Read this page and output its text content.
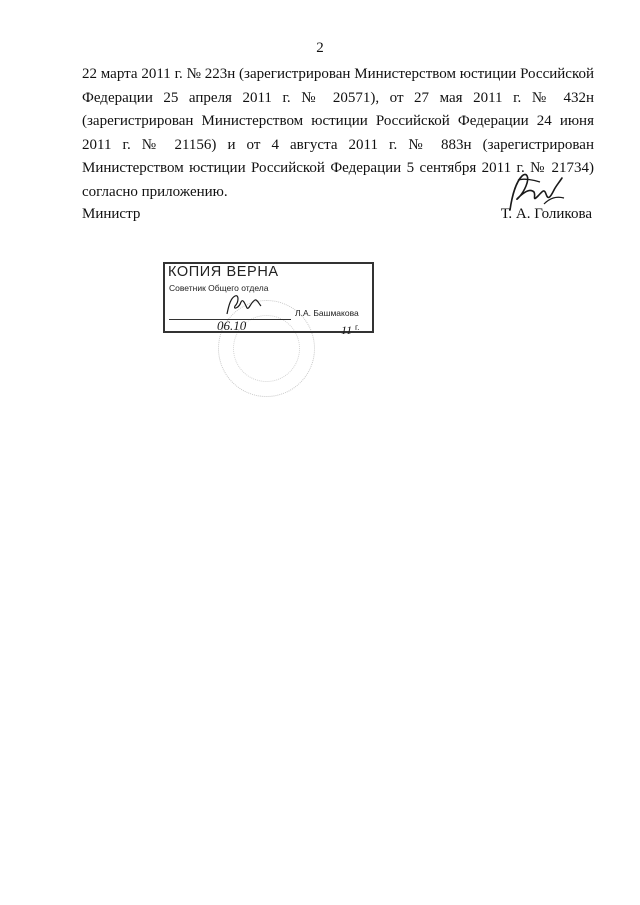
2

22 марта 2011 г. № 223н (зарегистрирован Министерством юстиции Российской Федерации 25 апреля 2011 г. № 20571), от 27 мая 2011 г. № 432н (зарегистрирован Министерством юстиции Российской Федерации 24 июня 2011 г. № 21156) и от 4 августа 2011 г. № 883н (зарегистрирован Министерством юстиции Российской Федерации 5 сентября 2011 г. № 21734) согласно приложению.

Министр	Т. А. Голикова
КОПИЯ ВЕРНА
Советник Общего отдела
Л.А. Башмакова
г.
06.10	11
